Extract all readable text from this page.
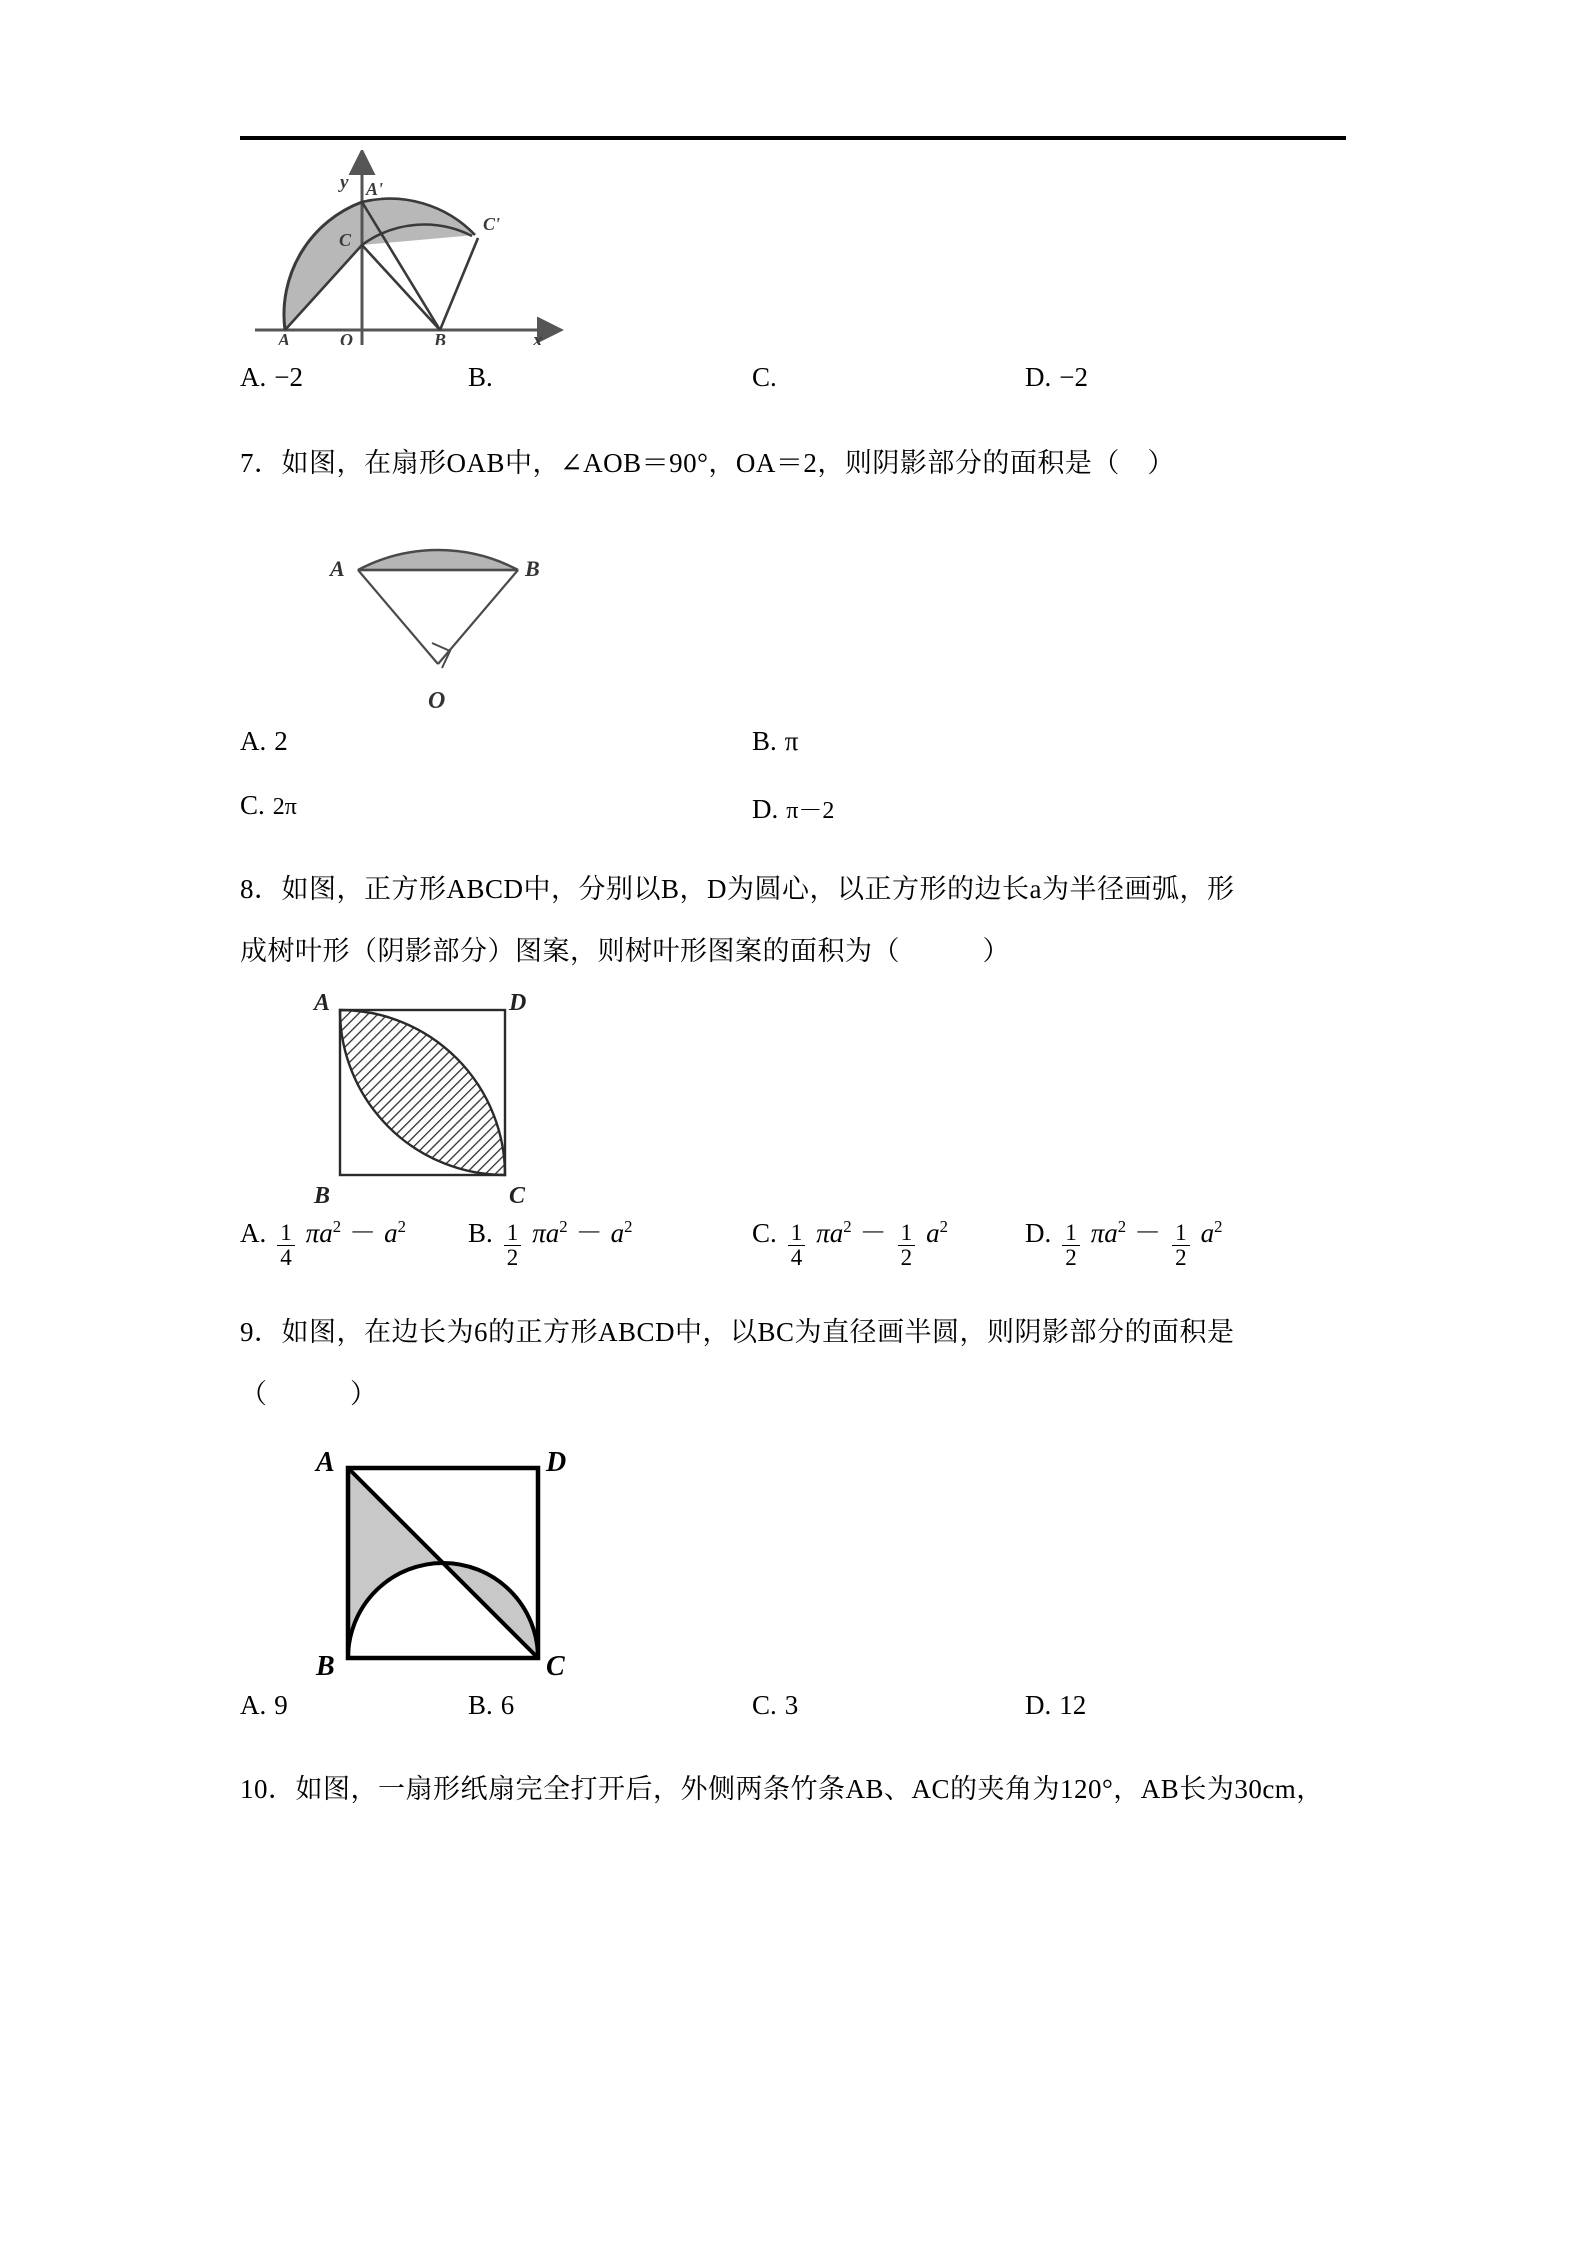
y
x
A'
C'
C
A	O	B
A. −2	B.	C.	D. −2

7．如图，在扇形OAB中，∠AOB＝90°，OA＝2，则阴影部分的面积是（　）

A	B
O
A. 2	B. π
C. 2π	D. π－2

8．如图，正方形ABCD中，分别以B，D为圆心，以正方形的边长a为半径画弧，形

成树叶形（阴影部分）图案，则树叶形图案的面积为（　　　）

A	D
B	C
A. $\frac{1}{4} \pi a^2 - a^2$ B. $\frac{1}{2} \pi a^2 - a^2$	C. $\frac{1}{4} \pi a^2 - \frac{1}{2} a^2$	D. $\frac{1}{2} \pi a^2 - \frac{1}{2} a^2$

9．如图，在边长为6的正方形ABCD中，以BC为直径画半圆，则阴影部分的面积是

（　　　）

A	D
B	C
A. 9	B. 6	C. 3	D. 12

10．如图，一扇形纸扇完全打开后，外侧两条竹条AB、AC的夹角为120°，AB长为30cm，
